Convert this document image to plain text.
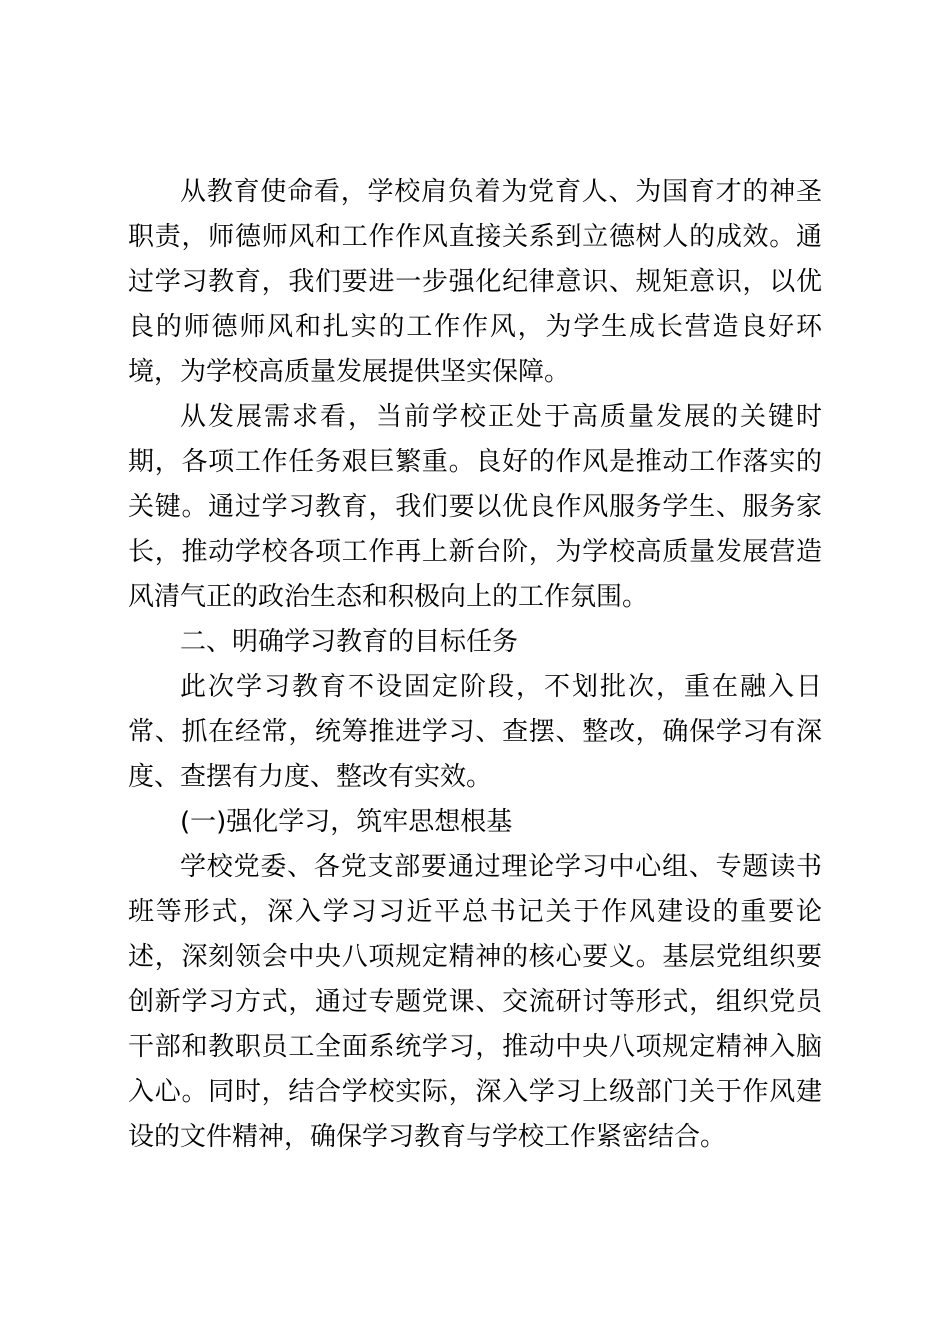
从教育使命看，学校肩负着为党育人、为国育才的神圣职责，师德师风和工作作风直接关系到立德树人的成效。通过学习教育，我们要进一步强化纪律意识、规矩意识，以优良的师德师风和扎实的工作作风，为学生成长营造良好环境，为学校高质量发展提供坚实保障。

从发展需求看，当前学校正处于高质量发展的关键时期，各项工作任务艰巨繁重。良好的作风是推动工作落实的关键。通过学习教育，我们要以优良作风服务学生、服务家长，推动学校各项工作再上新台阶，为学校高质量发展营造风清气正的政治生态和积极向上的工作氛围。

二、明确学习教育的目标任务

此次学习教育不设固定阶段，不划批次，重在融入日常、抓在经常，统筹推进学习、查摆、整改，确保学习有深度、查摆有力度、整改有实效。

(一)强化学习，筑牢思想根基

学校党委、各党支部要通过理论学习中心组、专题读书班等形式，深入学习习近平总书记关于作风建设的重要论述，深刻领会中央八项规定精神的核心要义。基层党组织要创新学习方式，通过专题党课、交流研讨等形式，组织党员干部和教职员工全面系统学习，推动中央八项规定精神入脑入心。同时，结合学校实际，深入学习上级部门关于作风建设的文件精神，确保学习教育与学校工作紧密结合。
